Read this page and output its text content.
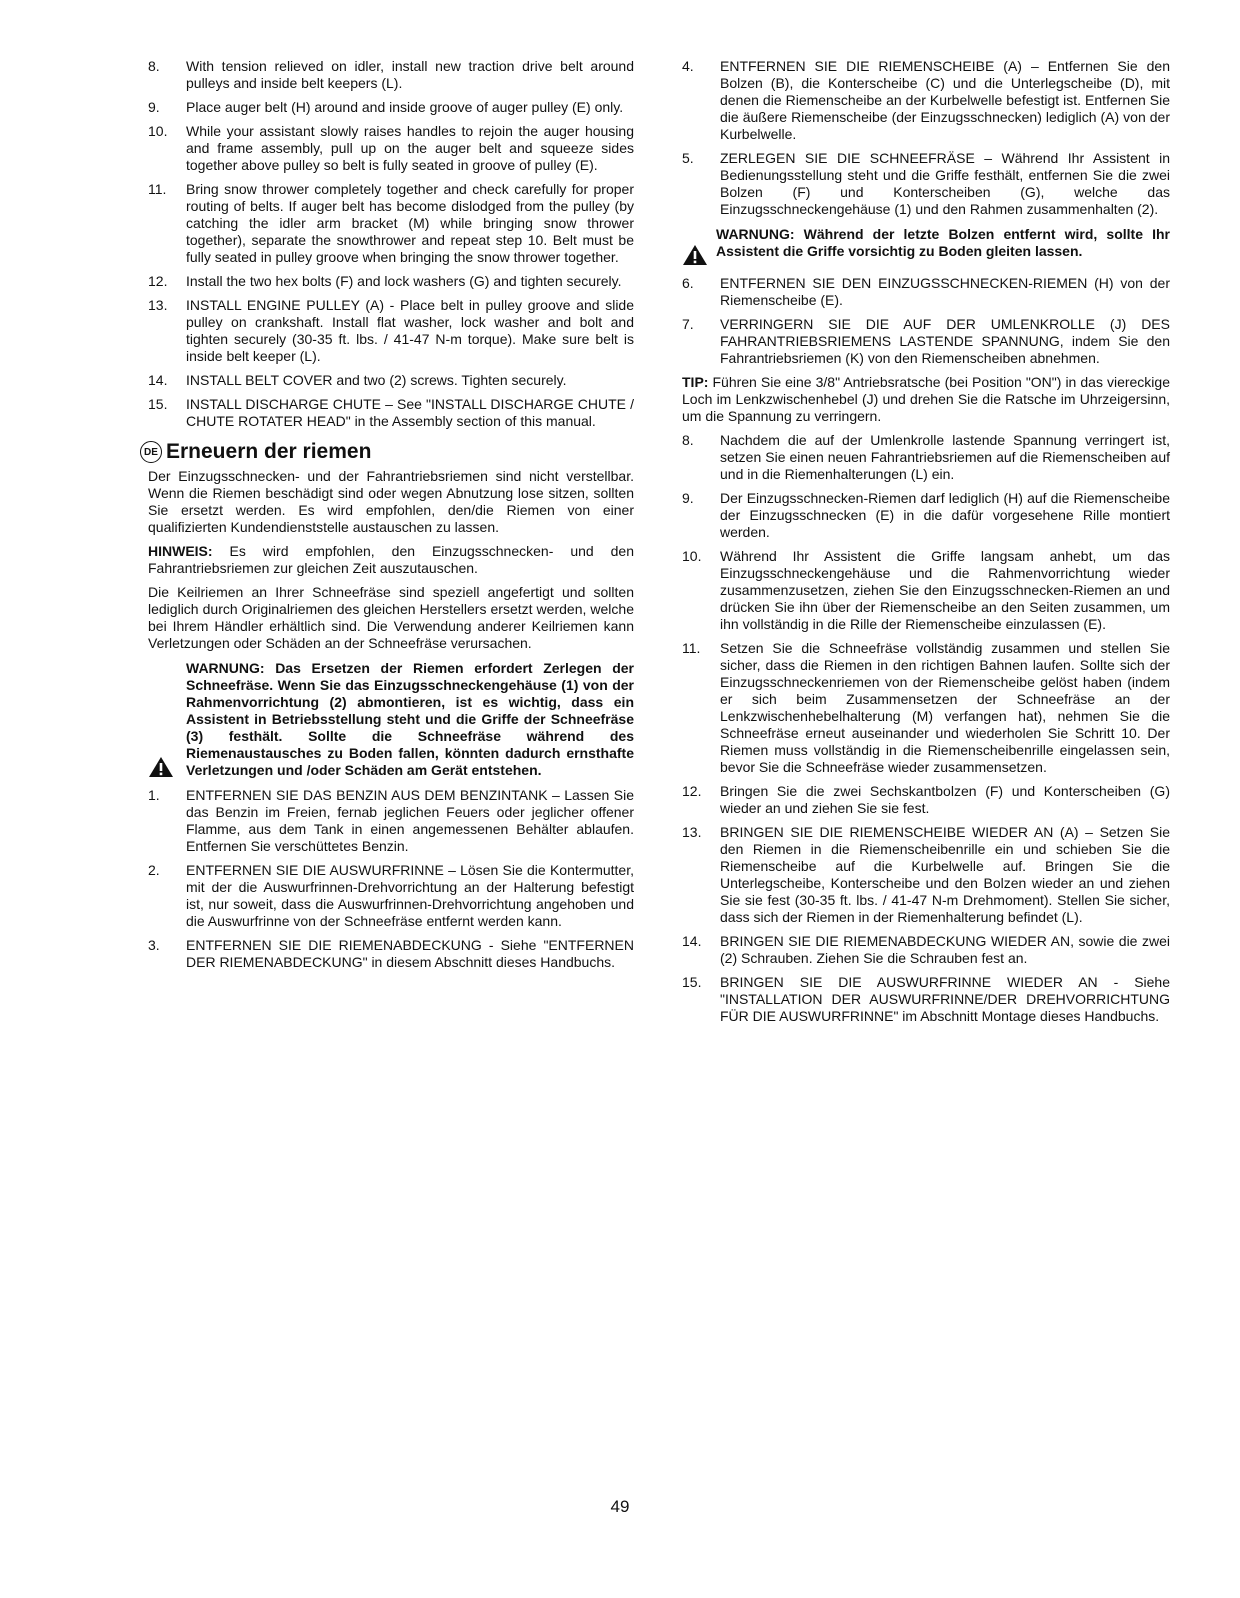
8.	With tension relieved on idler, install new traction drive belt around pulleys and inside belt keepers (L).
9.	Place auger belt (H) around and inside groove of auger pulley (E) only.
10.	While your assistant slowly raises handles to rejoin the auger housing and frame assembly, pull up on the auger belt and squeeze sides together above pulley so belt is fully seated in groove of pulley (E).
11.	Bring snow thrower completely together and check carefully for proper routing of belts. If auger belt has become dislodged from the pulley (by catching the idler arm bracket (M) while bringing snow thrower together), separate the snowthrower and repeat step 10. Belt must be fully seated in pulley groove when bringing the snow thrower together.
12.	Install the two hex bolts (F) and lock washers (G) and tighten securely.
13.	INSTALL ENGINE PULLEY (A) - Place belt in pulley groove and slide pulley on crankshaft. Install flat washer, lock washer and bolt and tighten securely (30-35 ft. lbs. / 41-47 N-m torque). Make sure belt is inside belt keeper (L).
14.	INSTALL BELT COVER and two (2) screws. Tighten securely.
15.	INSTALL DISCHARGE CHUTE – See "INSTALL DISCHARGE CHUTE / CHUTE ROTATER HEAD" in the Assembly section of this manual.
DE Erneuern der riemen

Der Einzugsschnecken- und der Fahrantriebsriemen sind nicht verstellbar. Wenn die Riemen beschädigt sind oder wegen Abnutzung lose sitzen, sollten Sie ersetzt werden. Es wird empfohlen, den/die Riemen von einer qualifizierten Kundendienststelle austauschen zu lassen.

HINWEIS: Es wird empfohlen, den Einzugsschnecken- und den Fahrantriebsriemen zur gleichen Zeit auszutauschen.

Die Keilriemen an Ihrer Schneefräse sind speziell angefertigt und sollten lediglich durch Originalriemen des gleichen Herstellers ersetzt werden, welche bei Ihrem Händler erhältlich sind. Die Verwendung anderer Keilriemen kann Verletzungen oder Schäden an der Schneefräse verursachen.

WARNUNG: Das Ersetzen der Riemen erfordert Zerlegen der Schneefräse. Wenn Sie das Einzugsschneckengehäuse (1) von der Rahmenvorrichtung (2) abmontieren, ist es wichtig, dass ein Assistent in Betriebsstellung steht und die Griffe der Schneefräse (3) festhält. Sollte die Schneefräse während des Riemenaustausches zu Boden fallen, könnten dadurch ernsthafte Verletzungen und /oder Schäden am Gerät entstehen.
1.	ENTFERNEN SIE DAS BENZIN AUS DEM BENZINTANK – Lassen Sie das Benzin im Freien, fernab jeglichen Feuers oder jeglicher offener Flamme, aus dem Tank in einen angemessenen Behälter ablaufen. Entfernen Sie verschüttetes Benzin.
2.	ENTFERNEN SIE DIE AUSWURFRINNE – Lösen Sie die Kontermutter, mit der die Auswurfrinnen-Drehvorrichtung an der Halterung befestigt ist, nur soweit, dass die Auswurfrinnen-Drehvorrichtung angehoben und die Auswurfrinne von der Schneefräse entfernt werden kann.
3.	ENTFERNEN SIE DIE RIEMENABDECKUNG - Siehe "ENTFERNEN DER RIEMENABDECKUNG" in diesem Abschnitt dieses Handbuchs.
4.	ENTFERNEN SIE DIE RIEMENSCHEIBE (A) – Entfernen Sie den Bolzen (B), die Konterscheibe (C) und die Unterlegscheibe (D), mit denen die Riemenscheibe an der Kurbelwelle befestigt ist. Entfernen Sie die äußere Riemenscheibe (der Einzugsschnecken) lediglich (A) von der Kurbelwelle.
5.	ZERLEGEN SIE DIE SCHNEEFRÄSE – Während Ihr Assistent in Bedienungsstellung steht und die Griffe festhält, entfernen Sie die zwei Bolzen (F) und Konterscheiben (G), welche das Einzugsschneckengehäuse (1) und den Rahmen zusammenhalten (2).
WARNUNG: Während der letzte Bolzen entfernt wird, sollte Ihr Assistent die Griffe vorsichtig zu Boden gleiten lassen.
6.	ENTFERNEN SIE DEN EINZUGSSCHNECKEN-RIEMEN (H) von der Riemenscheibe (E).
7.	VERRINGERN SIE DIE AUF DER UMLENKROLLE (J) DES FAHRANTRIEBSRIEMENS LASTENDE SPANNUNG, indem Sie den Fahrantriebsriemen (K) von den Riemenscheiben abnehmen.

TIP: Führen Sie eine 3/8" Antriebsratsche (bei Position "ON") in das viereckige Loch im Lenkzwischenhebel (J) und drehen Sie die Ratsche im Uhrzeigersinn, um die Spannung zu verringern.

8.	Nachdem die auf der Umlenkrolle lastende Spannung verringert ist, setzen Sie einen neuen Fahrantriebsriemen auf die Riemenscheiben auf und in die Riemenhalterungen (L) ein.
9.	Der Einzugsschnecken-Riemen darf lediglich (H) auf die Riemenscheibe der Einzugsschnecken (E) in die dafür vorgesehene Rille montiert werden.
10.	Während Ihr Assistent die Griffe langsam anhebt, um das Einzugsschneckengehäuse und die Rahmenvorrichtung wieder zusammenzusetzen, ziehen Sie den Einzugsschnecken-Riemen an und drücken Sie ihn über der Riemenscheibe an den Seiten zusammen, um ihn vollständig in die Rille der Riemenscheibe einzulassen (E).
11.	Setzen Sie die Schneefräse vollständig zusammen und stellen Sie sicher, dass die Riemen in den richtigen Bahnen laufen. Sollte sich der Einzugsschneckenriemen von der Riemenscheibe gelöst haben (indem er sich beim Zusammensetzen der Schneefräse an der Lenkzwischenhebelhalterung (M) verfangen hat), nehmen Sie die Schneefräse erneut auseinander und wiederholen Sie Schritt 10. Der Riemen muss vollständig in die Riemenscheibenrille eingelassen sein, bevor Sie die Schneefräse wieder zusammensetzen.
12.	Bringen Sie die zwei Sechskantbolzen (F) und Konterscheiben (G) wieder an und ziehen Sie sie fest.
13.	BRINGEN SIE DIE RIEMENSCHEIBE WIEDER AN (A) – Setzen Sie den Riemen in die Riemenscheibenrille ein und schieben Sie die Riemenscheibe auf die Kurbelwelle auf. Bringen Sie die Unterlegscheibe, Konterscheibe und den Bolzen wieder an und ziehen Sie sie fest (30-35 ft. lbs. / 41-47 N-m Drehmoment). Stellen Sie sicher, dass sich der Riemen in der Riemenhalterung befindet (L).
14.	BRINGEN SIE DIE RIEMENABDECKUNG WIEDER AN, sowie die zwei (2) Schrauben. Ziehen Sie die Schrauben fest an.
15.	BRINGEN SIE DIE AUSWURFRINNE WIEDER AN - Siehe "INSTALLATION DER AUSWURFRINNE/DER DREHVORRICHTUNG FÜR DIE AUSWURFRINNE" im Abschnitt Montage dieses Handbuchs.
49
